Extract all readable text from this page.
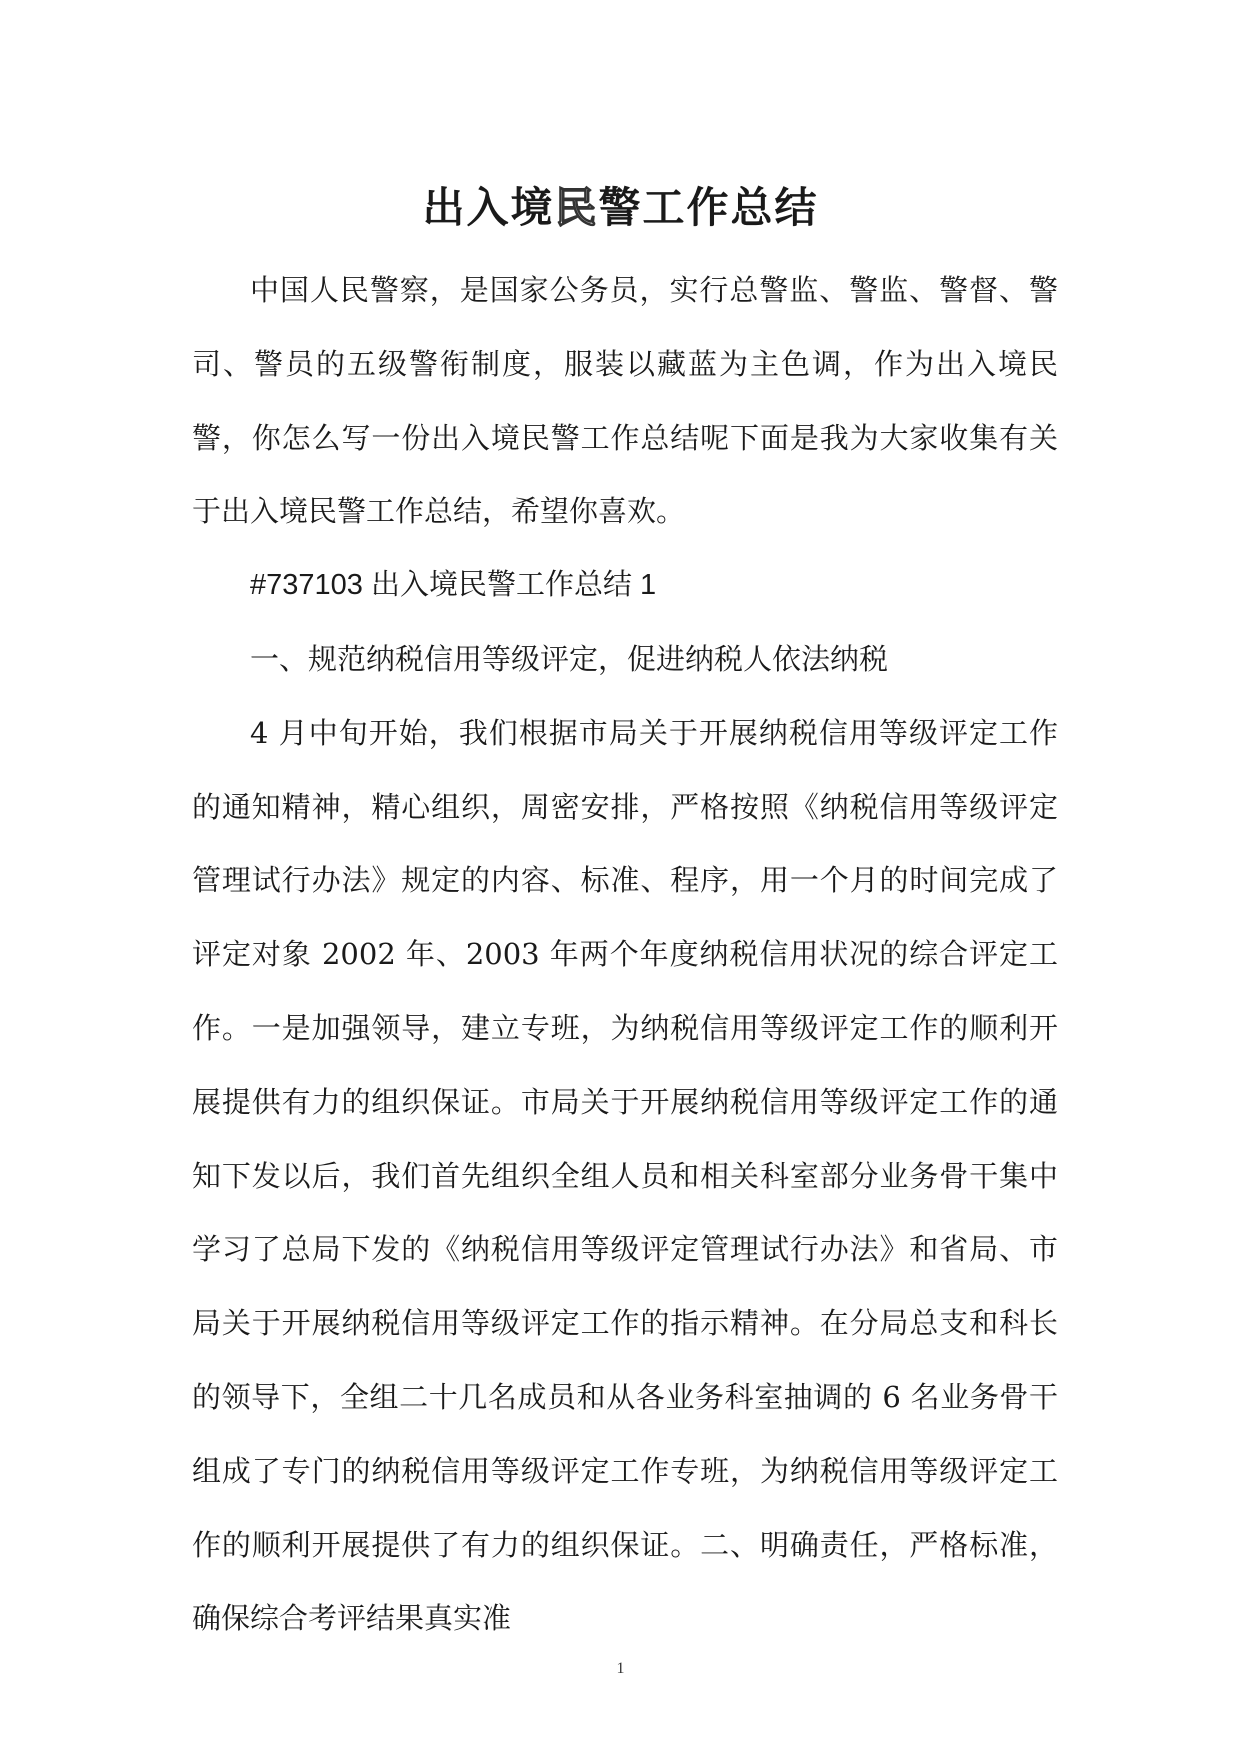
出入境民警工作总结

中国人民警察，是国家公务员，实行总警监、警监、警督、警司、警员的五级警衔制度，服装以藏蓝为主色调，作为出入境民警，你怎么写一份出入境民警工作总结呢下面是我为大家收集有关于出入境民警工作总结，希望你喜欢。

#737103 出入境民警工作总结 1

一、规范纳税信用等级评定，促进纳税人依法纳税

4 月中旬开始，我们根据市局关于开展纳税信用等级评定工作的通知精神，精心组织，周密安排，严格按照《纳税信用等级评定管理试行办法》规定的内容、标准、程序，用一个月的时间完成了评定对象 2002 年、2003 年两个年度纳税信用状况的综合评定工作。一是加强领导，建立专班，为纳税信用等级评定工作的顺利开展提供有力的组织保证。市局关于开展纳税信用等级评定工作的通知下发以后，我们首先组织全组人员和相关科室部分业务骨干集中学习了总局下发的《纳税信用等级评定管理试行办法》和省局、市局关于开展纳税信用等级评定工作的指示精神。在分局总支和科长的领导下，全组二十几名成员和从各业务科室抽调的 6 名业务骨干组成了专门的纳税信用等级评定工作专班，为纳税信用等级评定工作的顺利开展提供了有力的组织保证。二、明确责任，严格标准，确保综合考评结果真实准

1
